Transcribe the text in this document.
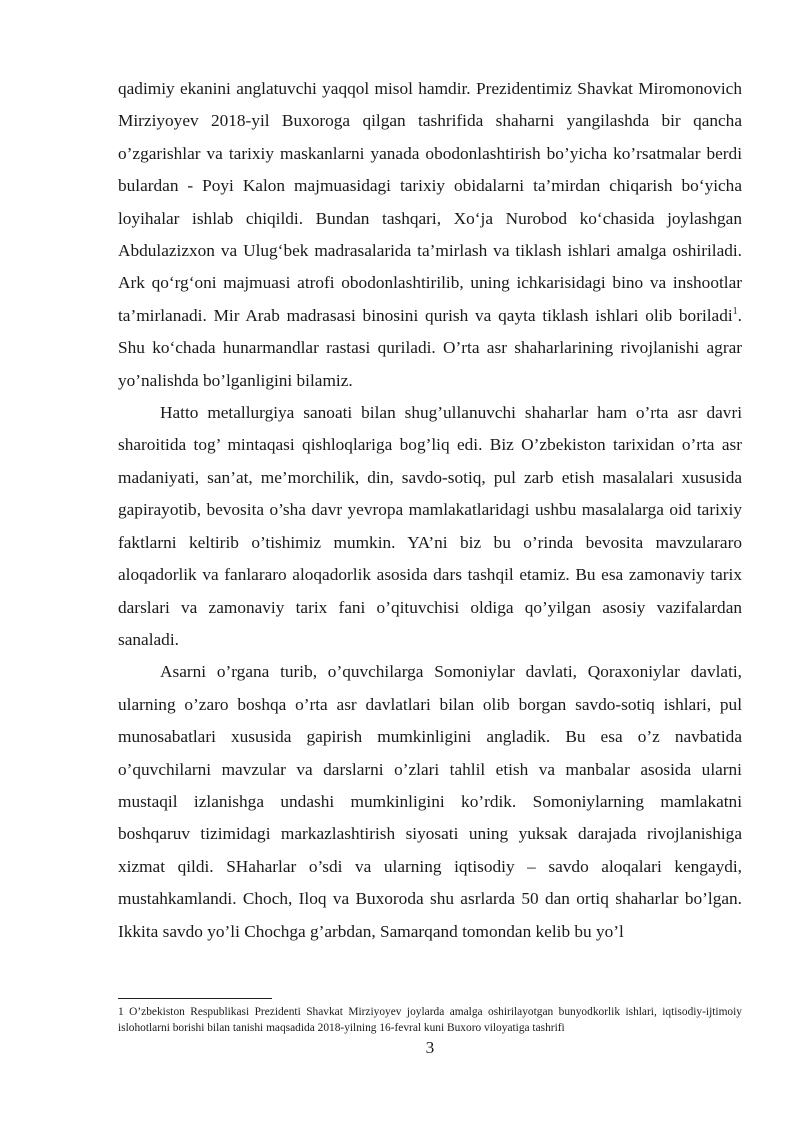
qadimiy ekanini anglatuvchi yaqqol misol hamdir. Prezidentimiz Shavkat Miromonovich Mirziyoyev 2018-yil Buxoroga qilgan tashrifida shaharni yangilashda bir qancha o’zgarishlar va tarixiy maskanlarni yanada obodonlashtirish bo’yicha ko’rsatmalar berdi bulardan - Poyi Kalon majmuasidagi tarixiy obidalarni ta’mirdan chiqarish bo‘yicha loyihalar ishlab chiqildi. Bundan tashqari, Xo‘ja Nurobod ko‘chasida joylashgan Abdulazizxon va Ulug‘bek madrasalarida ta’mirlash va tiklash ishlari amalga oshiriladi. Ark qo‘rg‘oni majmuasi atrofi obodonlashtirilib, uning ichkarisidagi bino va inshootlar ta’mirlanadi. Mir Arab madrasasi binosini qurish va qayta tiklash ishlari olib boriladi$^1$. Shu ko‘chada hunarmandlar rastasi quriladi. O’rta asr shaharlarining rivojlanishi agrar yo’nalishda bo’lganligini bilamiz.

Hatto metallurgiya sanoati bilan shug’ullanuvchi shaharlar ham o’rta asr davri sharoitida tog’ mintaqasi qishloqlariga bog’liq edi. Biz O’zbekiston tarixidan o’rta asr madaniyati, san’at, me’morchilik, din, savdo-sotiq, pul zarb etish masalalari xususida gapirayotib, bevosita o’sha davr yevropa mamlakatlaridagi ushbu masalalarga oid tarixiy faktlarni keltirib o’tishimiz mumkin. YA’ni biz bu o’rinda bevosita mavzulararo aloqadorlik va fanlararo aloqadorlik asosida dars tashqil etamiz. Bu esa zamonaviy tarix darslari va zamonaviy tarix fani o’qituvchisi oldiga qo’yilgan asosiy vazifalardan sanaladi.

Asarni o’rgana turib, o’quvchilarga Somoniylar davlati, Qoraxoniylar davlati, ularning o’zaro boshqa o’rta asr davlatlari bilan olib borgan savdo-sotiq ishlari, pul munosabatlari xususida gapirish mumkinligini angladik. Bu esa o’z navbatida o’quvchilarni mavzular va darslarni o’zlari tahlil etish va manbalar asosida ularni mustaqil izlanishga undashi mumkinligini ko’rdik. Somoniylarning mamlakatni boshqaruv tizimidagi markazlashtirish siyosati uning yuksak darajada rivojlanishiga xizmat qildi. SHaharlar o’sdi va ularning iqtisodiy – savdo aloqalari kengaydi, mustahkamlandi. Choch, Iloq va Buxoroda shu asrlarda 50 dan ortiq shaharlar bo’lgan. Ikkita savdo yo’li Chochga g’arbdan, Samarqand tomondan kelib bu yo’l

1 O’zbekiston Respublikasi Prezidenti Shavkat Mirziyoyev joylarda amalga oshirilayotgan bunyodkorlik ishlari, iqtisodiy-ijtimoiy islohotlarni borishi bilan tanishi maqsadida 2018-yilning 16-fevral kuni Buxoro viloyatiga tashrifi
3
